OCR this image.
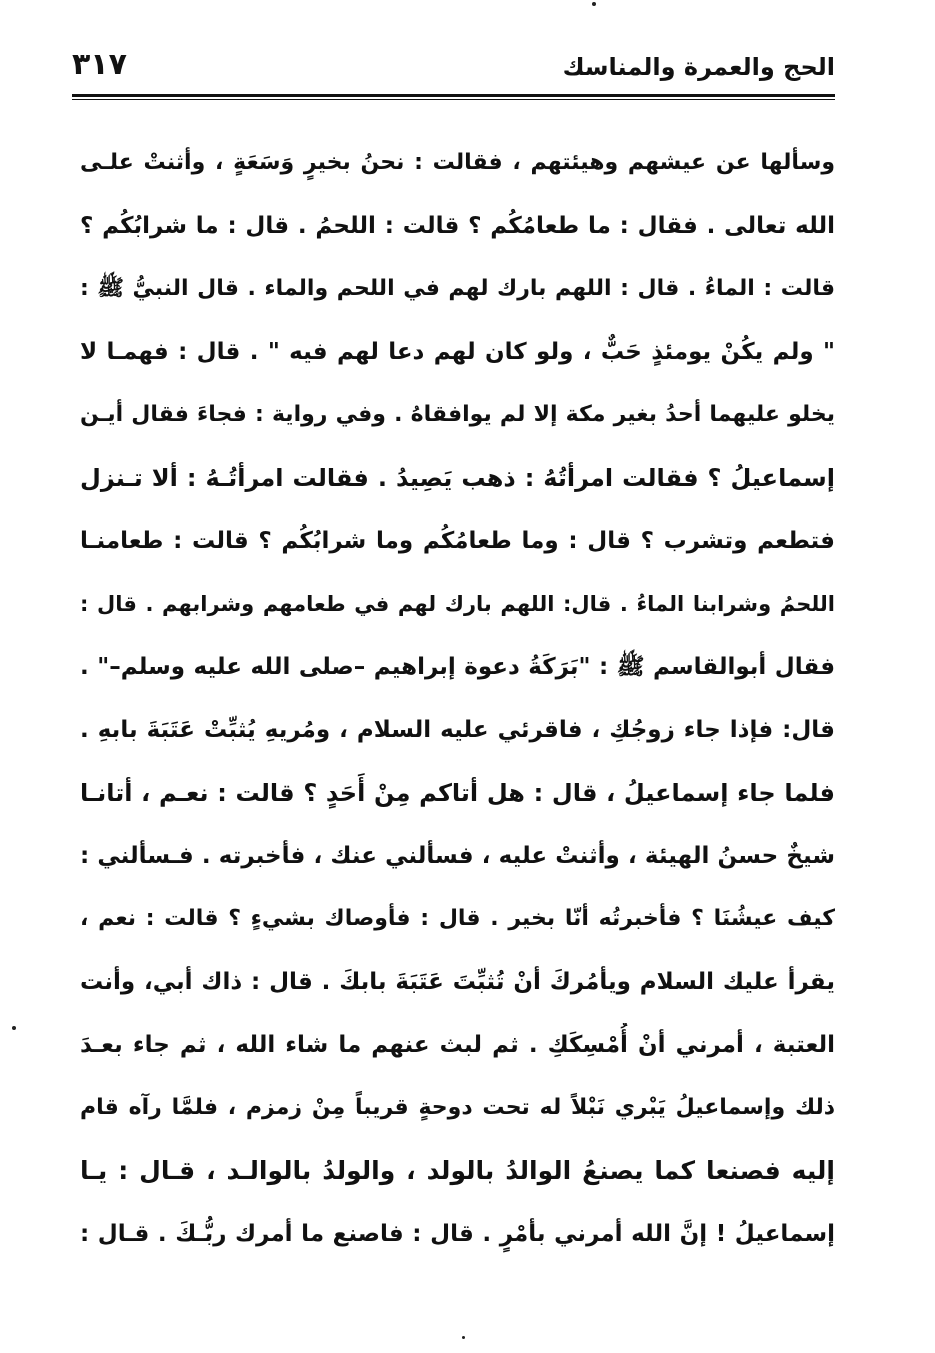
الحج والعمرة والمناسك
٣١٧
وسألها عن عيشهم وهيئتهم ، فقالت : نحنُ بخيرٍ وَسَعَةٍ ، وأثنتْ علـى
الله تعالى . فقال : ما طعامُكُم ؟ قالت : اللحمُ . قال : ما شرابُكُم ؟
قالت : الماءُ . قال : اللهم بارك لهم في اللحم والماء . قال النبيُّ ﷺ :
" ولم يكُنْ يومئذٍ حَبٌّ ، ولو كان لهم دعا لهم فيه " . قال : فهمـا لا
يخلو عليهما أحدُ بغير مكة إلا لم يوافقاهُ . وفي رواية : فجاءَ فقال أيـن
إسماعيلُ ؟ فقالت امرأتُهُ : ذهب يَصِيدُ . فقالت امرأتُـهُ : ألا تـنزل
فتطعم وتشرب ؟ قال : وما طعامُكُم وما شرابُكُم ؟ قالت : طعامنـا
اللحمُ وشرابنا الماءُ . قال: اللهم بارك لهم في طعامهم وشرابهم . قال :
فقال أبوالقاسم ﷺ : "بَرَكَةُ دعوة إبراهيم –صلى الله عليه وسلم–" .
قال: فإذا جاء زوجُكِ ، فاقرئي عليه السلام ، ومُريهِ يُثبِّتْ عَتَبَةَ بابهِ .
فلما جاء إسماعيلُ ، قال : هل أتاكم مِنْ أَحَدٍ ؟ قالت : نعـم ، أتانـا
شيخٌ حسنُ الهيئة ، وأثنتْ عليه ، فسألني عنك ، فأخبرته . فـسألني :
كيف عيشُنَا ؟ فأخبرتُه أنّا بخير . قال : فأوصاك بشيءٍ ؟ قالت : نعم ،
يقرأ عليك السلام ويأمُركَ أنْ تُثبِّتَ عَتَبَةَ بابكَ . قال : ذاك أبي، وأنت
العتبة ، أمرني أنْ أُمْسِكَكِ . ثم لبث عنهم ما شاء الله ، ثم جاء بعـدَ
ذلك وإسماعيلُ يَبْري نَبْلاً له تحت دوحةٍ قريباً مِنْ زمزم ، فلمَّا رآه قام
إليه فصنعا كما يصنعُ الوالدُ بالولد ، والولدُ بالوالـد ، قـال : يـا
إسماعيلُ ! إنَّ الله أمرني بأمْرٍ . قال : فاصنع ما أمرك ربُّـكَ . قـال :
